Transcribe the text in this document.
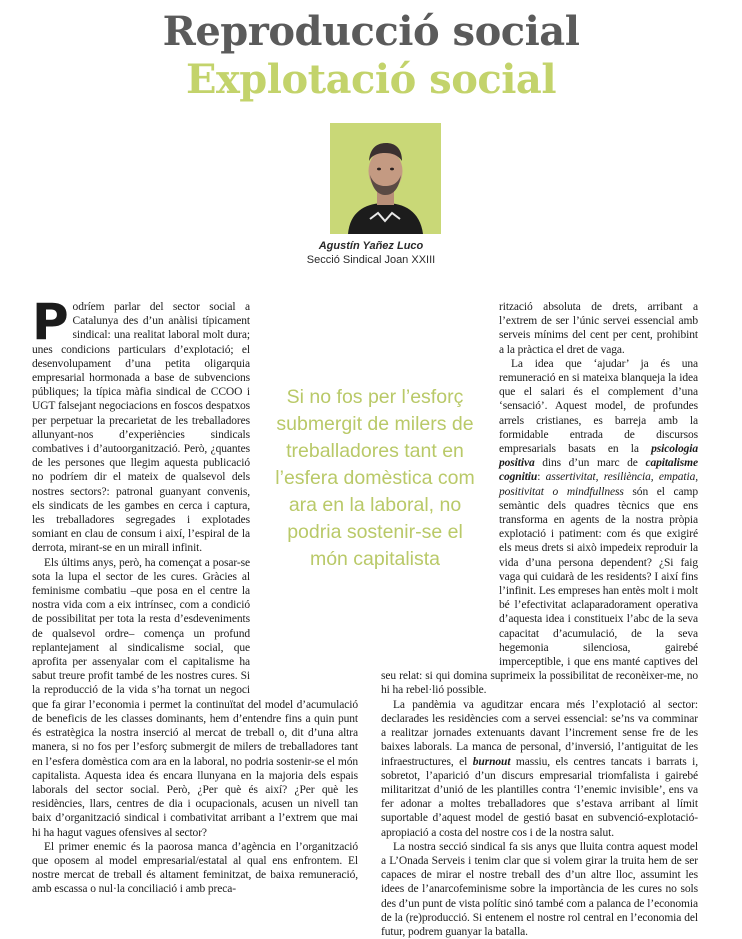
Reproducció social
Explotació social
Agustín Yañez Luco
Secció Sindical Joan XXIII

Podríem parlar del sector social a Catalunya des d’un anàlisi típicament sindical: una realitat laboral molt dura; unes condicions particulars d’explotació; el desenvolupament d’una petita oligarquia empresarial hormonada a base de subvencions públiques; la típica màfia sindical de CCOO i UGT falsejant negociacions en foscos despatxos per perpetuar la precarietat de les treballadores allunyant-nos d’experiències sindicals combatives i d’autoorganització. Però, ¿quantes de les persones que llegim aquesta publicació no podríem dir el mateix de qualsevol dels nostres sectors?: patronal guanyant convenis, els sindicats de les gambes en cerca i captura, les treballadores segregades i explotades somiant en clau de consum i així, l’espiral de la derrota, mirant-se en un mirall infinit.

Els últims anys, però, ha començat a posar-se sota la lupa el sector de les cures. Gràcies al feminisme combatiu –que posa en el centre la nostra vida com a eix intrínsec, com a condició de possibilitat per tota la resta d’esdeveniments de qualsevol ordre– comença un profund replantejament al sindicalisme social, que aprofita per assenyalar com el capitalisme ha sabut treure profit també de les nostres cures. Si la reproducció de la vida s’ha tornat un negoci que fa girar l’economia i permet la continuïtat del model d’acumulació de beneficis de les classes dominants, hem d’entendre fins a quin punt és estratègica la nostra inserció al mercat de treball o, dit d’una altra manera, si no fos per l’esforç submergit de milers de treballadores tant en l’esfera domèstica com ara en la laboral, no podria sostenir-se el món capitalista. Aquesta idea és encara llunyana en la majoria dels espais laborals del sector social. Però, ¿Per què és així? ¿Per què les residències, llars, centres de dia i ocupacionals, acusen un nivell tan baix d’organització sindical i combativitat arribant a l’extrem que mai hi ha hagut vagues ofensives al sector?

El primer enemic és la paorosa manca d’agència en l’organització que oposem al model empresarial/estatal al qual ens enfrontem. El nostre mercat de treball és altament feminitzat, de baixa remuneració, amb escassa o nul·la conciliació i amb preca-

rització absoluta de drets, arribant a l’extrem de ser l’únic servei essencial amb serveis mínims del cent per cent, prohibint a la pràctica el dret de vaga.

La idea que ‘ajudar’ ja és una remuneració en si mateixa blanqueja la idea que el salari és el complement d’una ‘sensació’. Aquest model, de profundes arrels cristianes, es barreja amb la formidable entrada de discursos empresarials basats en la psicologia positiva dins d’un marc de capitalisme cognitiu: assertivitat, resiliència, empatia, positivitat o mindfullness són el camp semàntic dels quadres tècnics que ens transforma en agents de la nostra pròpia explotació i patiment: com és que exigiré els meus drets si això impedeix reproduir la vida d’una persona dependent? ¿Si faig vaga qui cuidarà de les residents? I així fins l’infinit. Les empreses han entès molt i molt bé l’efectivitat aclaparadorament operativa d’aquesta idea i constitueix l’abc de la seva capacitat d’acumulació, de la seva hegemonia silenciosa, gairebé imperceptible, i que ens manté captives del seu relat: si qui domina suprimeix la possibilitat de reconèixer-me, no hi ha rebel·lió possible.

La pandèmia va aguditzar encara més l’explotació al sector: declarades les residències com a servei essencial: se’ns va comminar a realitzar jornades extenuants davant l’increment sense fre de les baixes laborals. La manca de personal, d’inversió, l’antiguitat de les infraestructures, el burnout massiu, els centres tancats i barrats i, sobretot, l’aparició d’un discurs empresarial triomfalista i gairebé militaritzat d’unió de les plantilles contra ‘l’enemic invisible’, ens va fer adonar a moltes treballadores que s’estava arribant al límit suportable d’aquest model de gestió basat en subvenció-explotació-apropiació a costa del nostre cos i de la nostra salut.

La nostra secció sindical fa sis anys que lluita contra aquest model a L’Onada Serveis i tenim clar que si volem girar la truita hem de ser capaces de mirar el nostre treball des d’un altre lloc, assumint les idees de l’anarcofeminisme sobre la importància de les cures no sols des d’un punt de vista polític sinó també com a palanca de l’economia de la (re)producció. Si entenem el nostre rol central en l’economia del futur, podrem guanyar la batalla.

Si no fos per l’esforç submergit de milers de treballadores tant en l’esfera domèstica com ara en la laboral, no podria sostenir-se el món capitalista
